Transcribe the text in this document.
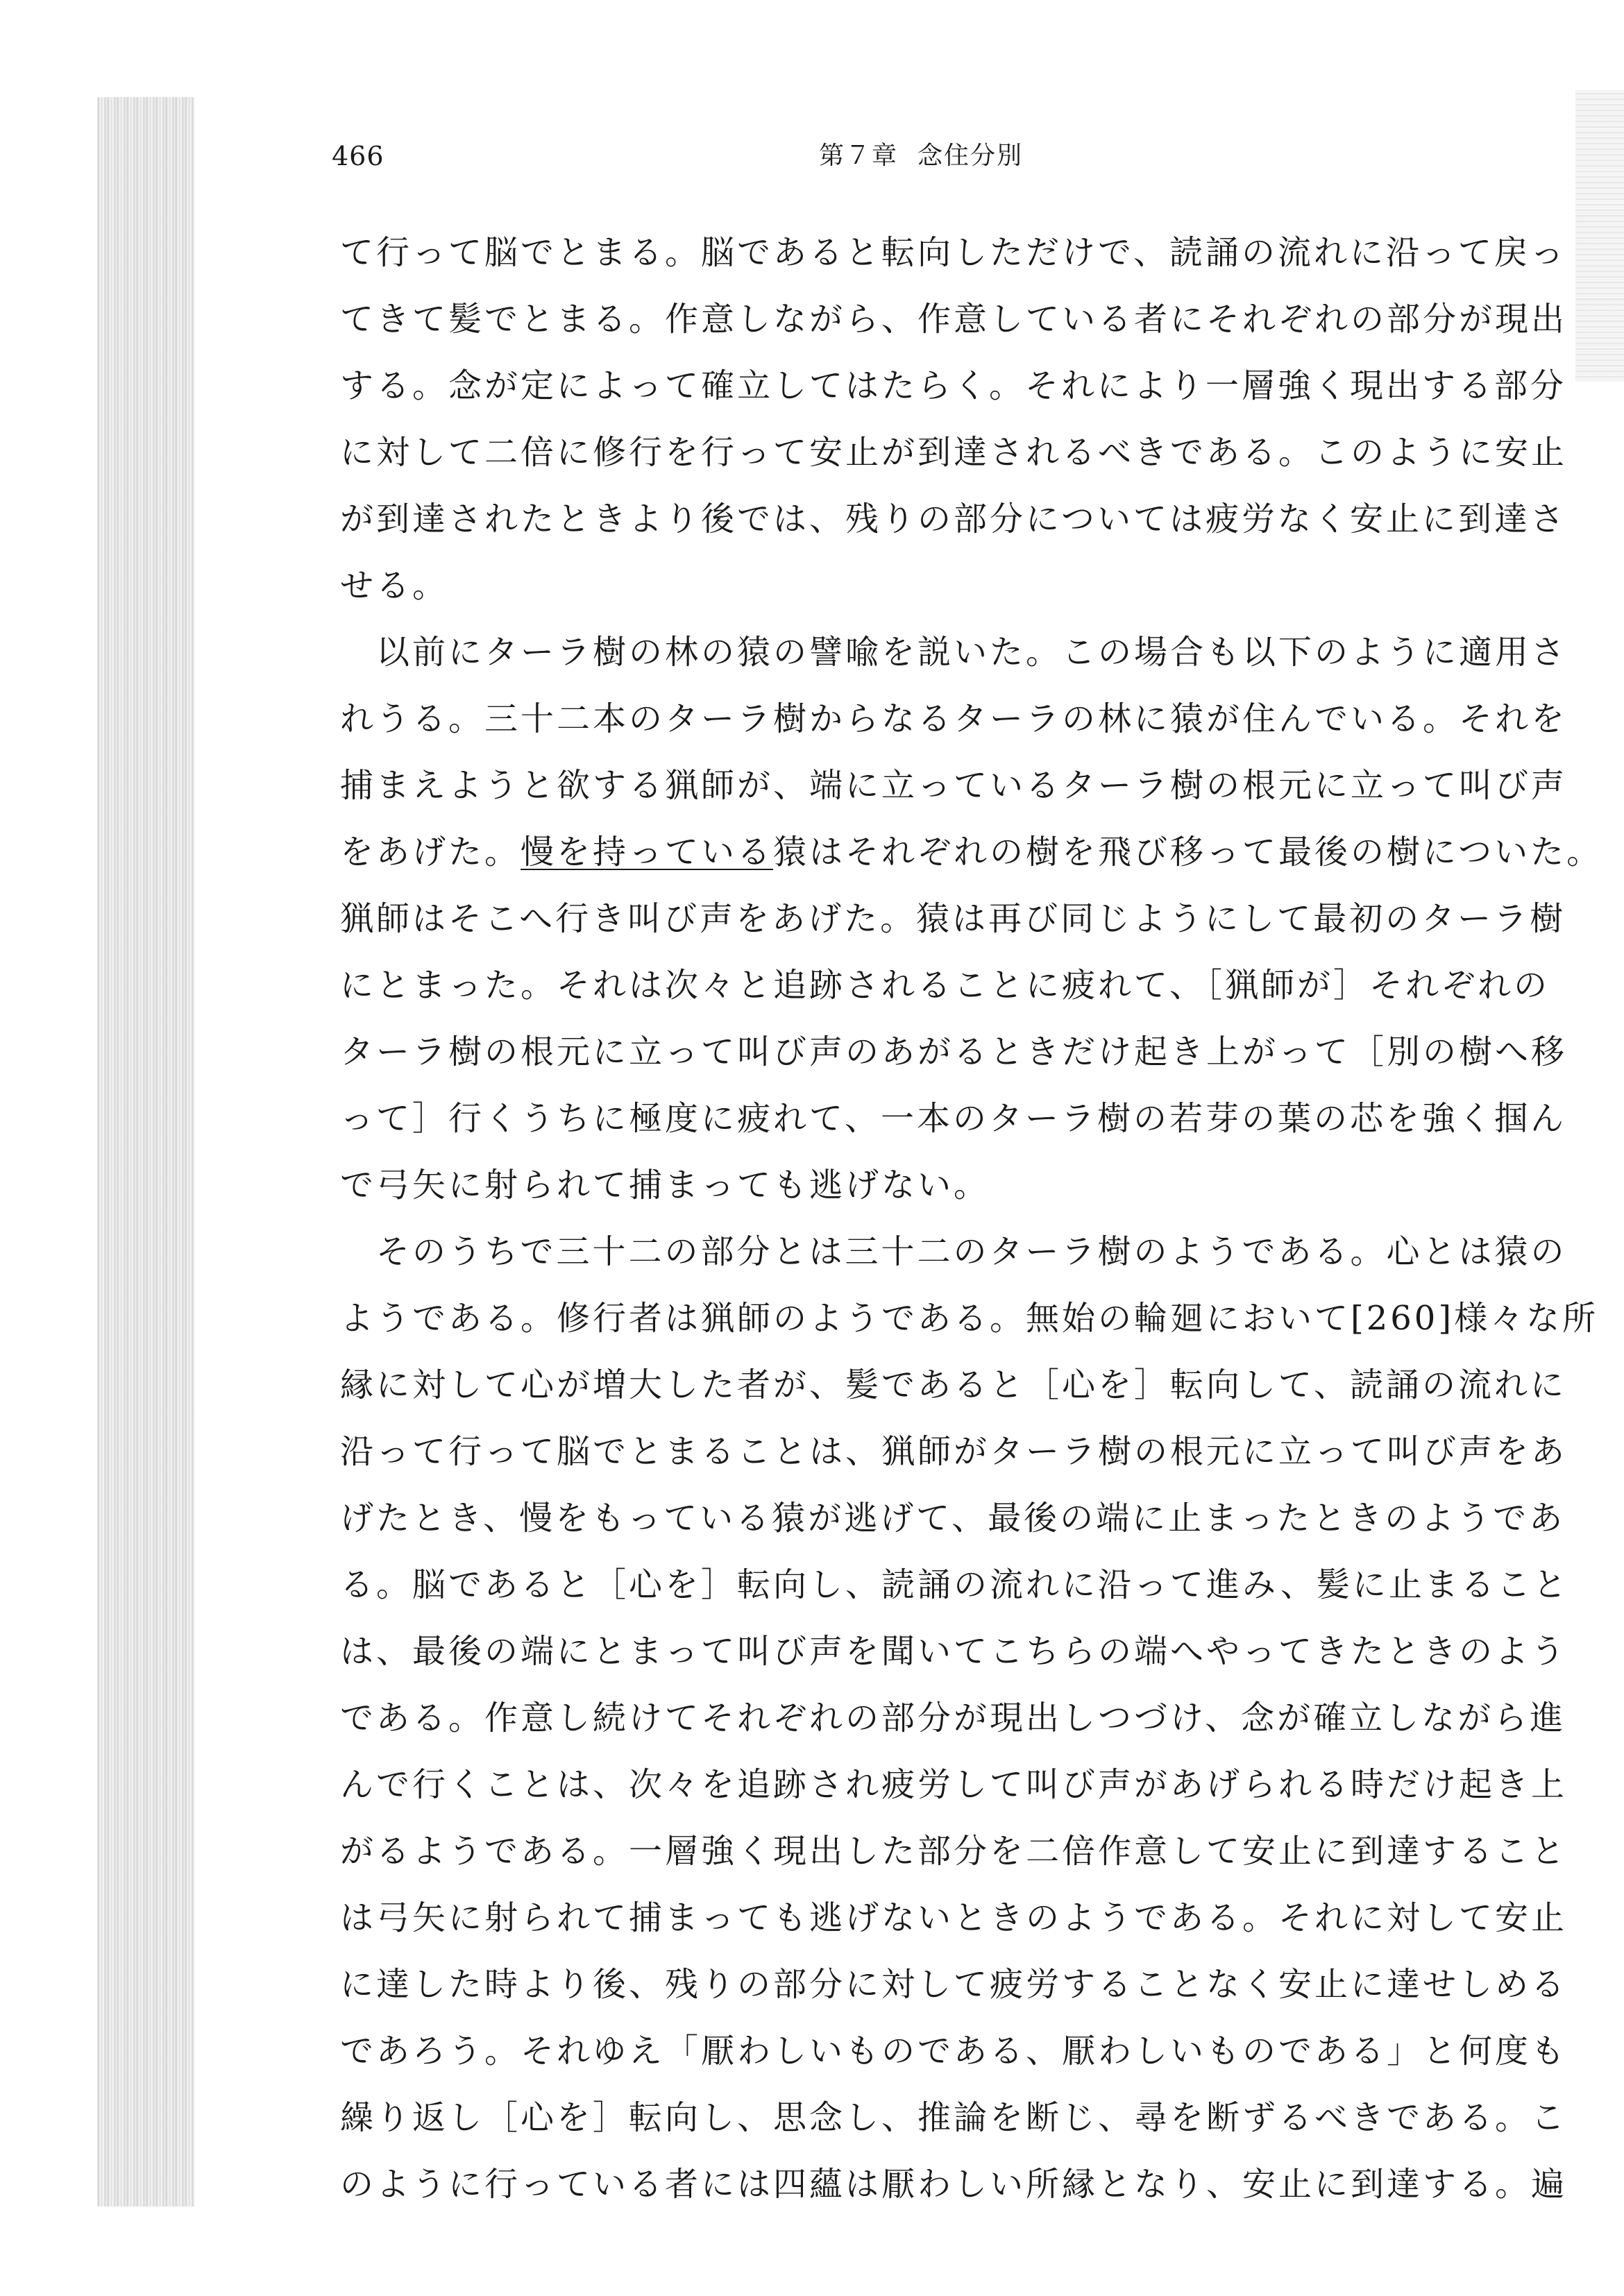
466	第７章 念住分別
て行って脳でとまる。脳であると転向しただけで、読誦の流れに沿って戻っ
てきて髪でとまる。作意しながら、作意している者にそれぞれの部分が現出
する。念が定によって確立してはたらく。それにより一層強く現出する部分
に対して二倍に修行を行って安止が到達されるべきである。このように安止
が到達されたときより後では、残りの部分については疲労なく安止に到達さ
せる。
　以前にターラ樹の林の猿の譬喩を説いた。この場合も以下のように適用さ
れうる。三十二本のターラ樹からなるターラの林に猿が住んでいる。それを
捕まえようと欲する猟師が、端に立っているターラ樹の根元に立って叫び声
をあげた。 慢を持っている 猿はそれぞれの樹を飛び移って最後の樹についた。
猟師はそこへ行き叫び声をあげた。猿は再び同じようにして最初のターラ樹
にとまった。それは次々と追跡されることに疲れて、［猟師が］それぞれの
ターラ樹の根元に立って叫び声のあがるときだけ起き上がって［別の樹へ移
って］行くうちに極度に疲れて、一本のターラ樹の若芽の葉の芯を強く掴ん
で弓矢に射られて捕まっても逃げない。
　そのうちで三十二の部分とは三十二のターラ樹のようである。心とは猿の
ようである。修行者は猟師のようである。無始の輪廻において[260]様々な所
縁に対して心が増大した者が、髪であると［心を］転向して、読誦の流れに
沿って行って脳でとまることは、猟師がターラ樹の根元に立って叫び声をあ
げたとき、慢をもっている猿が逃げて、最後の端に止まったときのようであ
る。脳であると［心を］転向し、読誦の流れに沿って進み、髪に止まること
は、最後の端にとまって叫び声を聞いてこちらの端へやってきたときのよう
である。作意し続けてそれぞれの部分が現出しつづけ、念が確立しながら進
んで行くことは、次々を追跡され疲労して叫び声があげられる時だけ起き上
がるようである。一層強く現出した部分を二倍作意して安止に到達すること
は弓矢に射られて捕まっても逃げないときのようである。それに対して安止
に達した時より後、残りの部分に対して疲労することなく安止に達せしめる
であろう。それゆえ「厭わしいものである、厭わしいものである」と何度も
繰り返し［心を］転向し、思念し、推論を断じ、尋を断ずるべきである。こ
のように行っている者には四蘊は厭わしい所縁となり、安止に到達する。遍
